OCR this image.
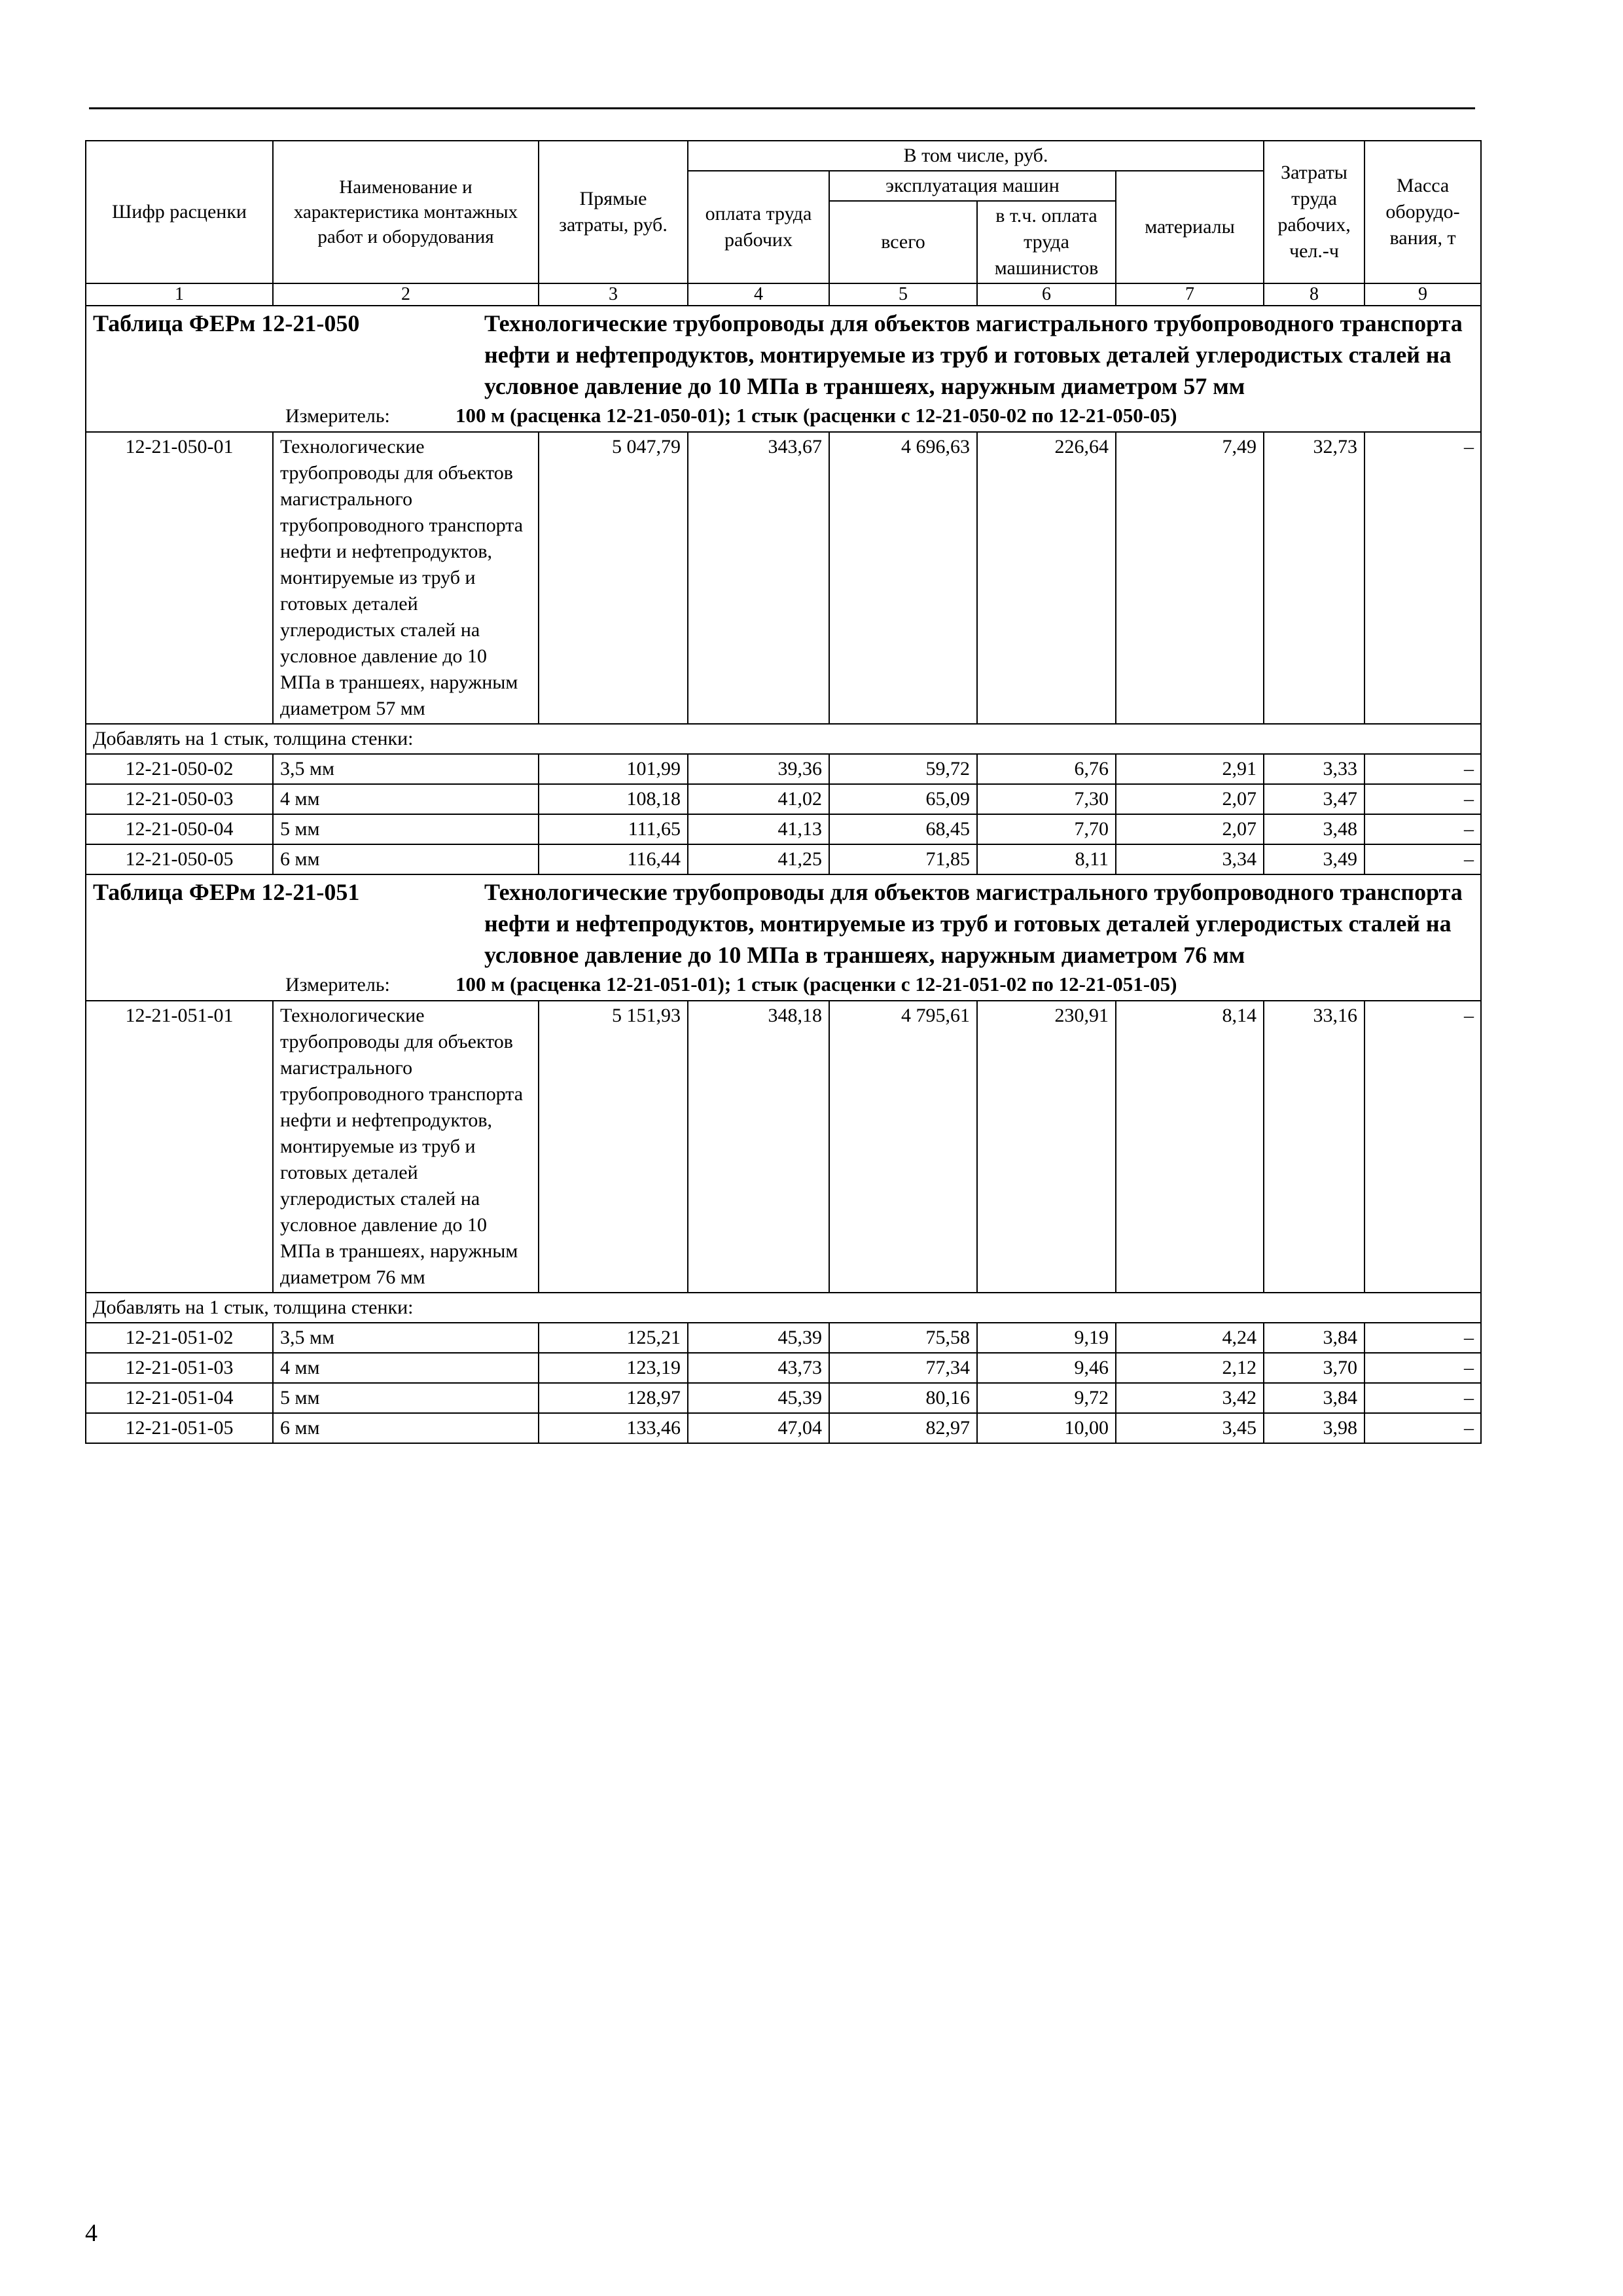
Шифр расценки	Наименование и характеристика монтажных работ и оборудования	Прямые затраты, руб.	В том числе, руб.				Затраты труда рабочих, чел.-ч	Масса оборудо-вания, т
			оплата труда рабочих	эксплуатация машин		материалы		
				всего	в т.ч. оплата труда машинистов			
1	2	3	4	5	6	7	8	9

Таблица ФЕРм 12-21-050 Технологические трубопроводы для объектов магистрального трубопроводного транспорта нефти и нефтепродуктов, монтируемые из труб и готовых деталей углеродистых сталей на условное давление до 10 МПа в траншеях, наружным диаметром 57 мм
Измеритель: 100 м (расценка 12-21-050-01); 1 стык (расценки с 12-21-050-02 по 12-21-050-05)								

12-21-050-01	Технологические трубопроводы для объектов магистрального трубопроводного транспорта нефти и нефтепродуктов, монтируемые из труб и готовых деталей углеродистых сталей на условное давление до 10 МПа в траншеях, наружным диаметром 57 мм	5 047,79	343,67	4 696,63	226,64	7,49	32,73	–
Добавлять на 1 стык, толщина стенки:								
12-21-050-02	3,5 мм	101,99	39,36	59,72	6,76	2,91	3,33	–
12-21-050-03	4 мм	108,18	41,02	65,09	7,30	2,07	3,47	–
12-21-050-04	5 мм	111,65	41,13	68,45	7,70	2,07	3,48	–
12-21-050-05	6 мм	116,44	41,25	71,85	8,11	3,34	3,49	–

Таблица ФЕРм 12-21-051 Технологические трубопроводы для объектов магистрального трубопроводного транспорта нефти и нефтепродуктов, монтируемые из труб и готовых деталей углеродистых сталей на условное давление до 10 МПа в траншеях, наружным диаметром 76 мм
Измеритель: 100 м (расценка 12-21-051-01); 1 стык (расценки с 12-21-051-02 по 12-21-051-05)								

12-21-051-01	Технологические трубопроводы для объектов магистрального трубопроводного транспорта нефти и нефтепродуктов, монтируемые из труб и готовых деталей углеродистых сталей на условное давление до 10 МПа в траншеях, наружным диаметром 76 мм	5 151,93	348,18	4 795,61	230,91	8,14	33,16	–
Добавлять на 1 стык, толщина стенки:								
12-21-051-02	3,5 мм	125,21	45,39	75,58	9,19	4,24	3,84	–
12-21-051-03	4 мм	123,19	43,73	77,34	9,46	2,12	3,70	–
12-21-051-04	5 мм	128,97	45,39	80,16	9,72	3,42	3,84	–
12-21-051-05	6 мм	133,46	47,04	82,97	10,00	3,45	3,98	–
4
